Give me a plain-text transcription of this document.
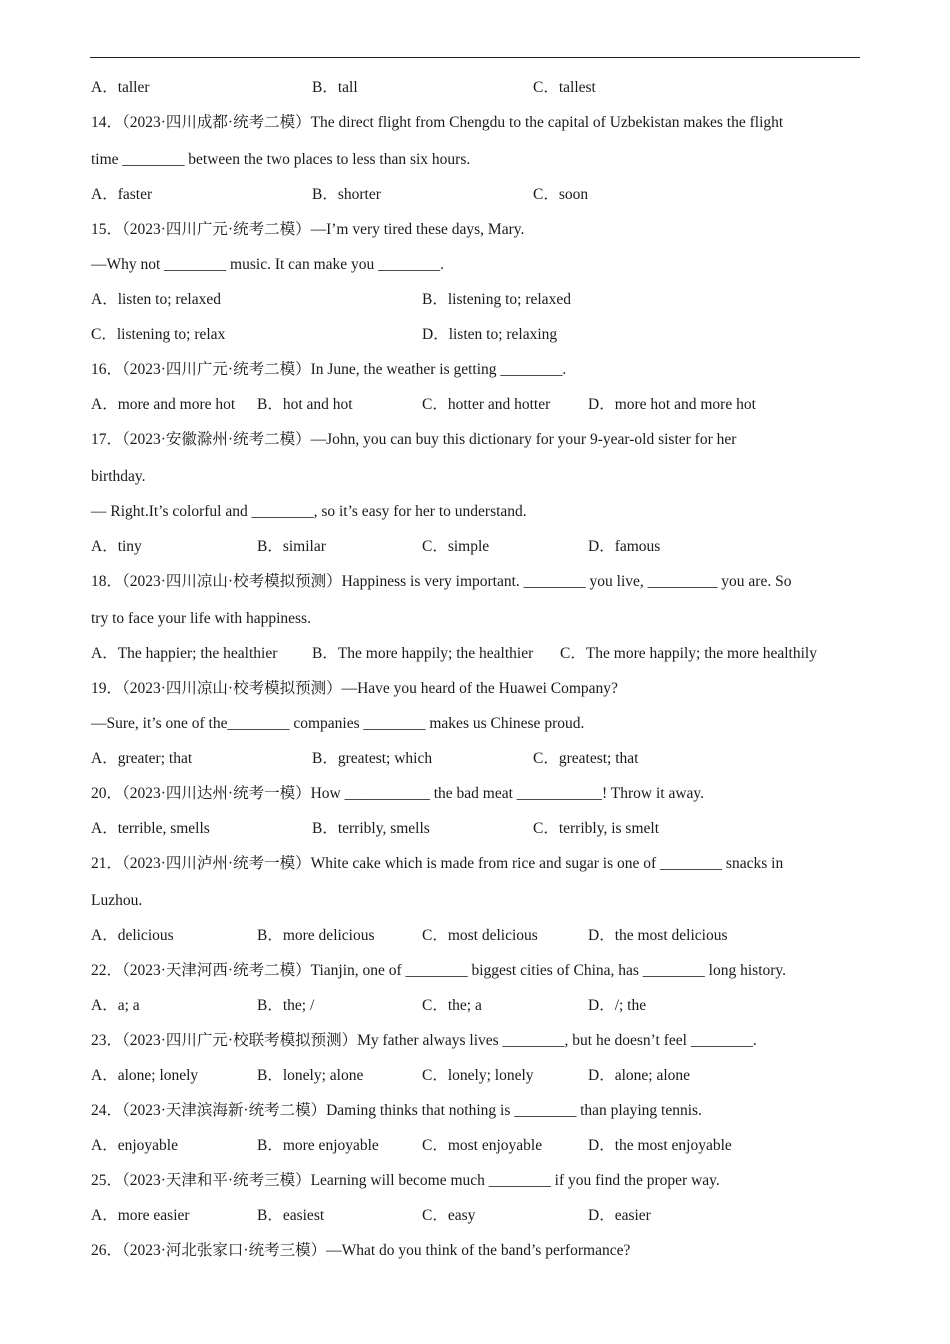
A．taller	B．tall	C．tallest
14．（2023·四川成都·统考二模）The direct flight from Chengdu to the capital of Uzbekistan makes the flight
time ________ between the two places to less than six hours.
A．faster	B．shorter	C．soon
15．（2023·四川广元·统考二模）—I’m very tired these days, Mary.
—Why not ________ music. It can make you ________.
A．listen to; relaxed	B．listening to; relaxed
C．listening to; relax	D．listen to; relaxing
16．（2023·四川广元·统考二模）In June, the weather is getting ________.
A．more and more hot B．hot and hot	C．hotter and hotter D．more hot and more hot
17．（2023·安徽滁州·统考二模）—John, you can buy this dictionary for your 9-year-old sister for her
birthday.
— Right.It’s colorful and ________, so it’s easy for her to understand.
A．tiny	B．similar	C．simple	D．famous
18．（2023·四川凉山·校考模拟预测）Happiness is very important. ________ you live, _________ you are. So
try to face your life with happiness.
A．The happier; the healthier B．The more happily; the healthier C．The more happily; the more healthily
19．（2023·四川凉山·校考模拟预测）—Have you heard of the Huawei Company?
—Sure, it’s one of the________ companies ________ makes us Chinese proud.
A．greater; that	B．greatest; which	C．greatest; that
20．（2023·四川达州·统考一模）How ___________ the bad meat ___________! Throw it away.
A．terrible, smells	B．terribly, smells	C．terribly, is smelt
21．（2023·四川泸州·统考一模）White cake which is made from rice and sugar is one of ________ snacks in
Luzhou.
A．delicious	B．more delicious	C．most delicious	D．the most delicious
22．（2023·天津河西·统考二模）Tianjin, one of ________ biggest cities of China, has ________ long history.
A．a; a	B．the; /	C．the; a	D．/; the
23．（2023·四川广元·校联考模拟预测）My father always lives ________, but he doesn’t feel ________.
A．alone; lonely	B．lonely; alone	C．lonely; lonely	D．alone; alone
24．（2023·天津滨海新·统考二模）Daming thinks that nothing is ________ than playing tennis.
A．enjoyable	B．more enjoyable	C．most enjoyable	D．the most enjoyable
25．（2023·天津和平·统考三模）Learning will become much ________ if you find the proper way.
A．more easier	B．easiest	C．easy	D．easier
26．（2023·河北张家口·统考三模）—What do you think of the band’s performance?
